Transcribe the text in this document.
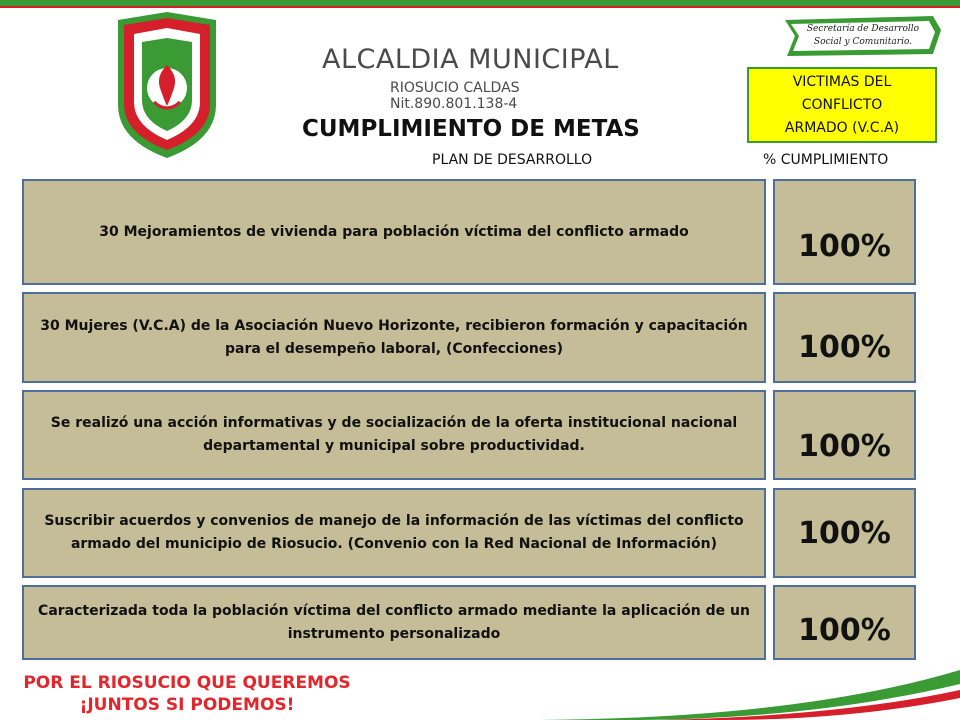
ALCALDIA MUNICIPAL
RIOSUCIO CALDAS
Nit.890.801.138-4
Secretaría de Desarrollo
Social y Comunitario.
VICTIMAS DEL
CONFLICTO
ARMADO (V.C.A)
CUMPLIMIENTO DE METAS
PLAN DE DESARROLLO	% CUMPLIMIENTO
30 Mejoramientos de vivienda para población víctima del conflicto armado	100%
30 Mujeres (V.C.A) de la Asociación Nuevo Horizonte, recibieron formación y capacitación para el desempeño laboral, (Confecciones)	100%
Se realizó una acción informativas y de socialización de la oferta institucional nacional departamental y municipal sobre productividad.	100%
Suscribir acuerdos y convenios de manejo de la información de las víctimas del conflicto armado del municipio de Riosucio. (Convenio con la Red Nacional de Información)	100%
Caracterizada toda la población víctima del conflicto armado mediante la aplicación de un instrumento personalizado	100%
POR EL RIOSUCIO QUE QUEREMOS
¡JUNTOS SI PODEMOS!
